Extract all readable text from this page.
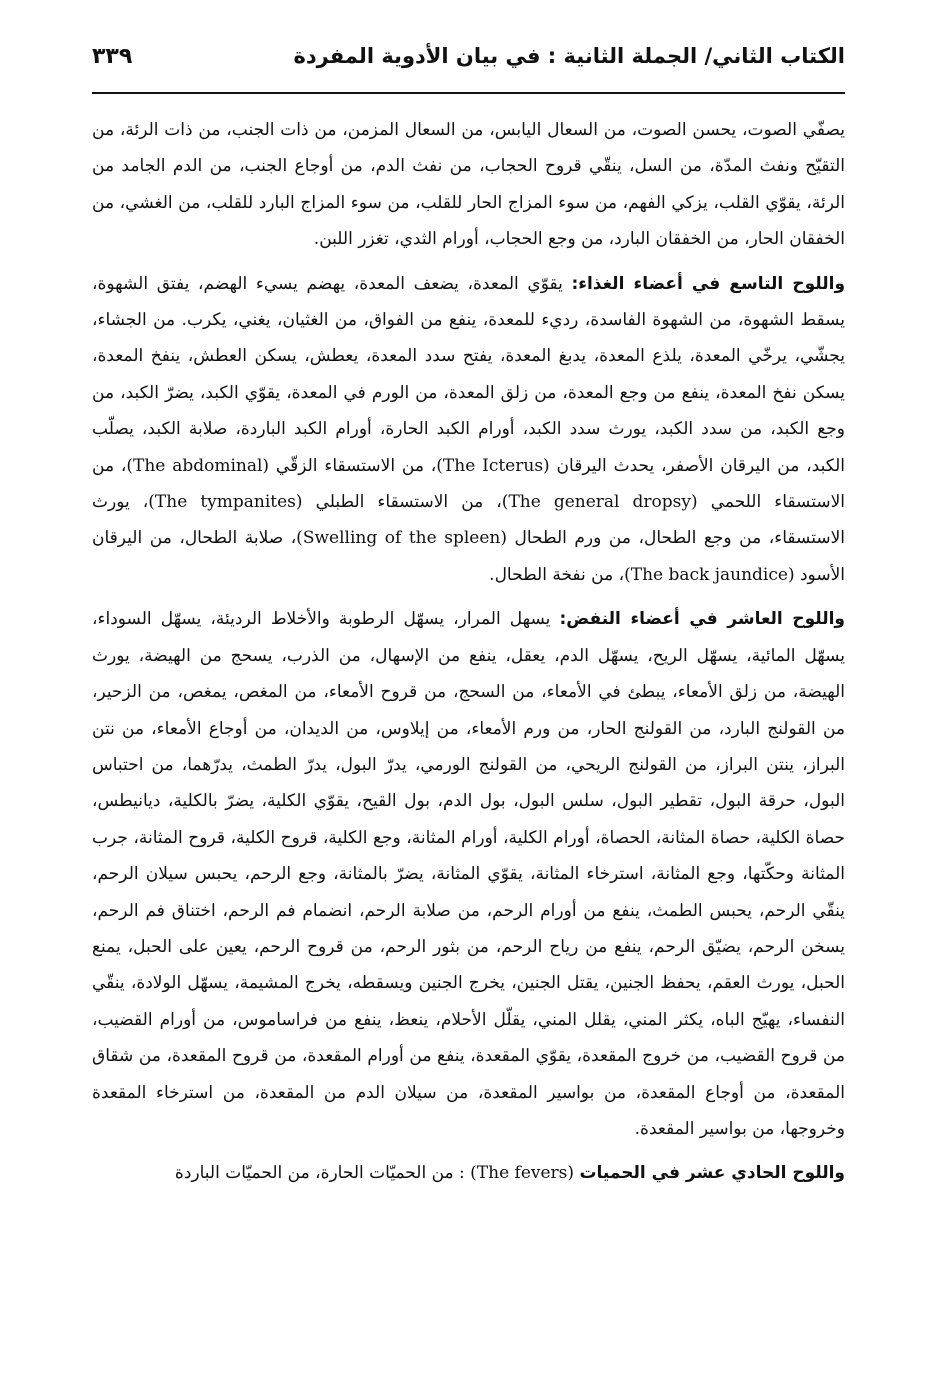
الكتاب الثاني/ الجملة الثانية : في بيان الأدوية المفردة
٣٣٩

يصفّي الصوت، يحسن الصوت، من السعال اليابس، من السعال المزمن، من ذات الجنب، من ذات الرئة، من التقيّح ونفث المدّة، من السل، ينقّي قروح الحجاب، من نفث الدم، من أوجاع الجنب، من الدم الجامد من الرئة، يقوّي القلب، يزكي الفهم، من سوء المزاج الحار للقلب، من سوء المزاج البارد للقلب، من الغشي، من الخفقان الحار، من الخفقان البارد، من وجع الحجاب، أورام الثدي، تغزر اللبن.

واللوح التاسع في أعضاء الغذاء: يقوّي المعدة، يضعف المعدة، يهضم يسيء الهضم، يفتق الشهوة، يسقط الشهوة، من الشهوة الفاسدة، رديء للمعدة، ينفع من الفواق، من الغثيان، يغني، يكرب. من الجشاء، يجشّي، يرخّي المعدة، يلذع المعدة، يدبغ المعدة، يفتح سدد المعدة، يعطش، يسكن العطش، ينفخ المعدة، يسكن نفخ المعدة، ينفع من وجع المعدة، من زلق المعدة، من الورم في المعدة، يقوّي الكبد، يضرّ الكبد، من وجع الكبد، من سدد الكبد، يورث سدد الكبد، أورام الكبد الحارة، أورام الكبد الباردة، صلابة الكبد، يصلّب الكبد، من اليرقان الأصفر، يحدث اليرقان (The Icterus)، من الاستسقاء الزقّي (The abdominal)، من الاستسقاء اللحمي (The general dropsy)، من الاستسقاء الطبلي (The tympanites)، يورث الاستسقاء، من وجع الطحال، من ورم الطحال (Swelling of the spleen)، صلابة الطحال، من اليرقان الأسود (The back jaundice)، من نفخة الطحال.

واللوح العاشر في أعضاء النفض: يسهل المرار، يسهّل الرطوبة والأخلاط الرديئة، يسهّل السوداء، يسهّل المائية، يسهّل الريح، يسهّل الدم، يعقل، ينفع من الإسهال، من الذرب، يسحج من الهيضة، يورث الهيضة، من زلق الأمعاء، يبطئ في الأمعاء، من السحج، من قروح الأمعاء، من المغص، يمغص، من الزحير، من القولنج البارد، من القولنج الحار، من ورم الأمعاء، من إيلاوس، من الديدان، من أوجاع الأمعاء، من نتن البراز، ينتن البراز، من القولنج الريحي، من القولنج الورمي، يدرّ البول، يدرّ الطمث، يدرّهما، من احتباس البول، حرقة البول، تقطير البول، سلس البول، بول الدم، بول القيح، يقوّي الكلية، يضرّ بالكلية، ديانيطس، حصاة الكلية، حصاة المثانة، الحصاة، أورام الكلية، أورام المثانة، وجع الكلية، قروح الكلية، قروح المثانة، جرب المثانة وحكّتها، وجع المثانة، استرخاء المثانة، يقوّي المثانة، يضرّ بالمثانة، وجع الرحم، يحبس سيلان الرحم، ينقّي الرحم، يحبس الطمث، ينفع من أورام الرحم، من صلابة الرحم، انضمام فم الرحم، اختناق فم الرحم، يسخن الرحم، يضيّق الرحم، ينفع من رياح الرحم، من بثور الرحم، من قروح الرحم، يعين على الحبل، يمنع الحبل، يورث العقم، يحفظ الجنين، يقتل الجنين، يخرج الجنين ويسقطه، يخرج المشيمة، يسهّل الولادة، ينقّي النفساء، يهيّج الباه، يكثر المني، يقلل المني، يقلّل الأحلام، ينعظ، ينفع من فراساموس، من أورام القضيب، من قروح القضيب، من خروج المقعدة، يقوّي المقعدة، ينفع من أورام المقعدة، من قروح المقعدة، من شقاق المقعدة، من أوجاع المقعدة، من بواسير المقعدة، من سيلان الدم من المقعدة، من استرخاء المقعدة وخروجها، من بواسير المقعدة.

واللوح الحادي عشر في الحميات (The fevers) : من الحميّات الحارة، من الحميّات الباردة
